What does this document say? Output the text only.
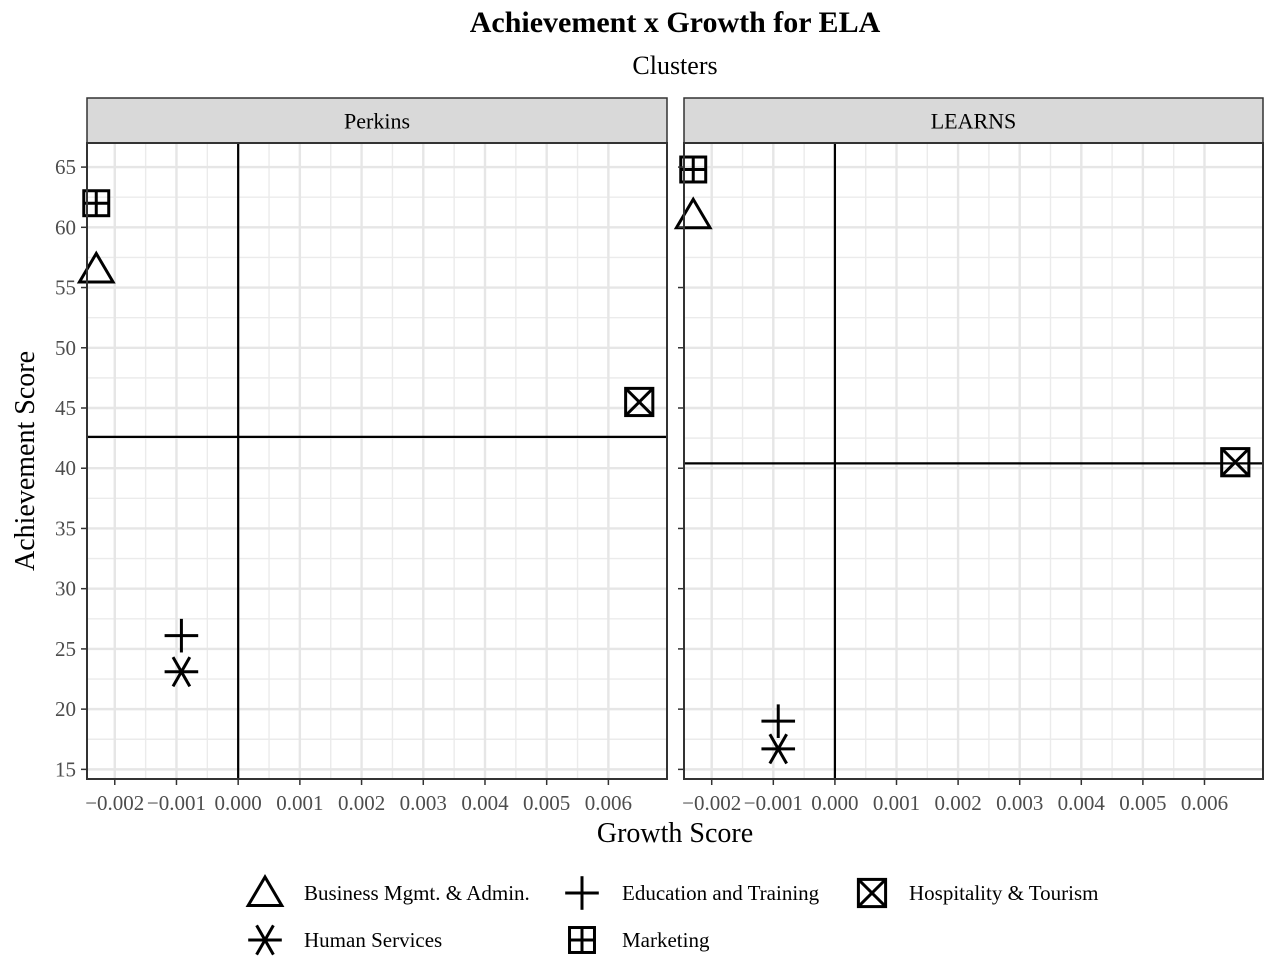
Achievement x Growth for ELA
Clusters
Growth Score
Achievement Score
Perkins
−0.002 −0.001 0.000 0.001 0.002 0.003 0.004 0.005 0.006
15
20
25
30
35
40
45
50
55
60
65
LEARNS
−0.002 −0.001 0.000 0.001 0.002 0.003 0.004 0.005 0.006
Business Mgmt. & Admin.	Education and Training	Hospitality & Tourism
Human Services	Marketing
